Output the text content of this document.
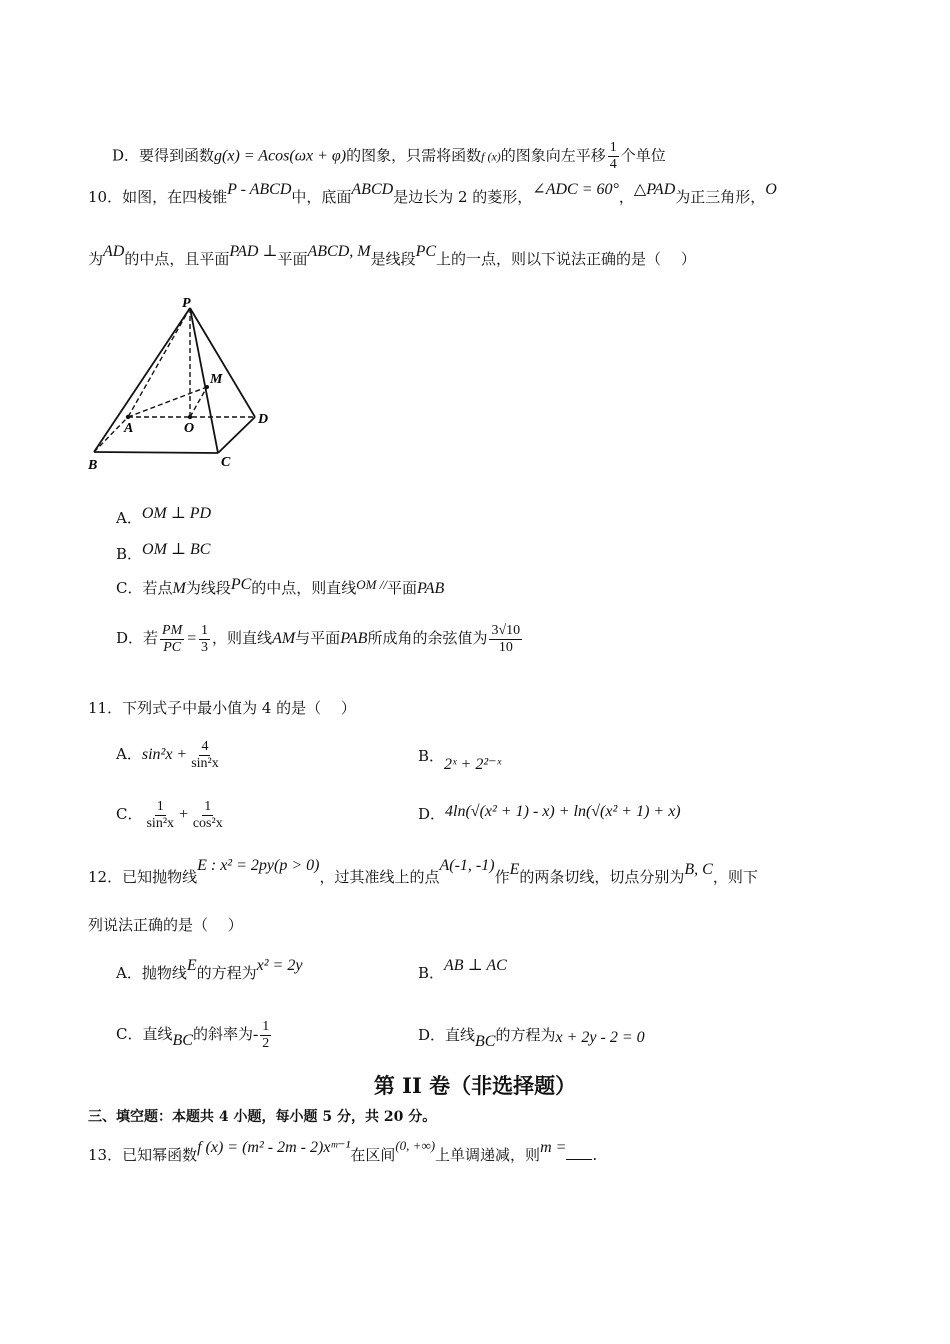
D．要得到函数g(x) = Acos(ωx + φ)的图象，只需将函数f (x)的图象向左平移 $\frac{1}{4}$ 个单位
10．如图，在四棱锥P - ABCD中，底面ABCD是边长为 2 的菱形，∠ADC = 60°，△PAD为正三角形，O
为AD的中点，且平面PAD ⊥平面ABCD, M是线段PC上的一点，则以下说法正确的是（　 ）
P
M
A	O
D
B	C
A．OM ⊥ PD
B．OM ⊥ BC
C．若点M为线段PC的中点，则直线OM //平面PAB
D．若 $\frac{PM}{PC} = \frac{1}{3}$ ，则直线AM与平面PAB所成角的余弦值为 $\frac{3√10}{10}$
11．下列式子中最小值为 4 的是（　 ）
A．$\sin^2x + \frac{4}{\text{sin²x}}$	B．2ˣ + 2²⁻ˣ
C． $\frac{1}{\text{sin²x}} + \frac{1}{\text{cos²x}}$	D．4ln(√(x² + 1) - x) + ln(√(x² + 1) + x)
12．已知抛物线E : x² = 2py(p > 0)，过其准线上的点A(-1, -1)作E的两条切线，切点分别为B, C，则下
列说法正确的是（　 ）
A．抛物线E的方程为x² = 2y	B．AB ⊥ AC
C．直线BC的斜率为- $\frac{1}{2}$	D．直线BC的方程为x + 2y - 2 = 0
第 II 卷（非选择题）
三、填空题：本题共 4 小题，每小题 5 分，共 20 分。
13．已知幂函数f (x) = (m² - 2m - 2)xᵐ⁻¹在区间(0, +∞)上单调递减，则m = .
